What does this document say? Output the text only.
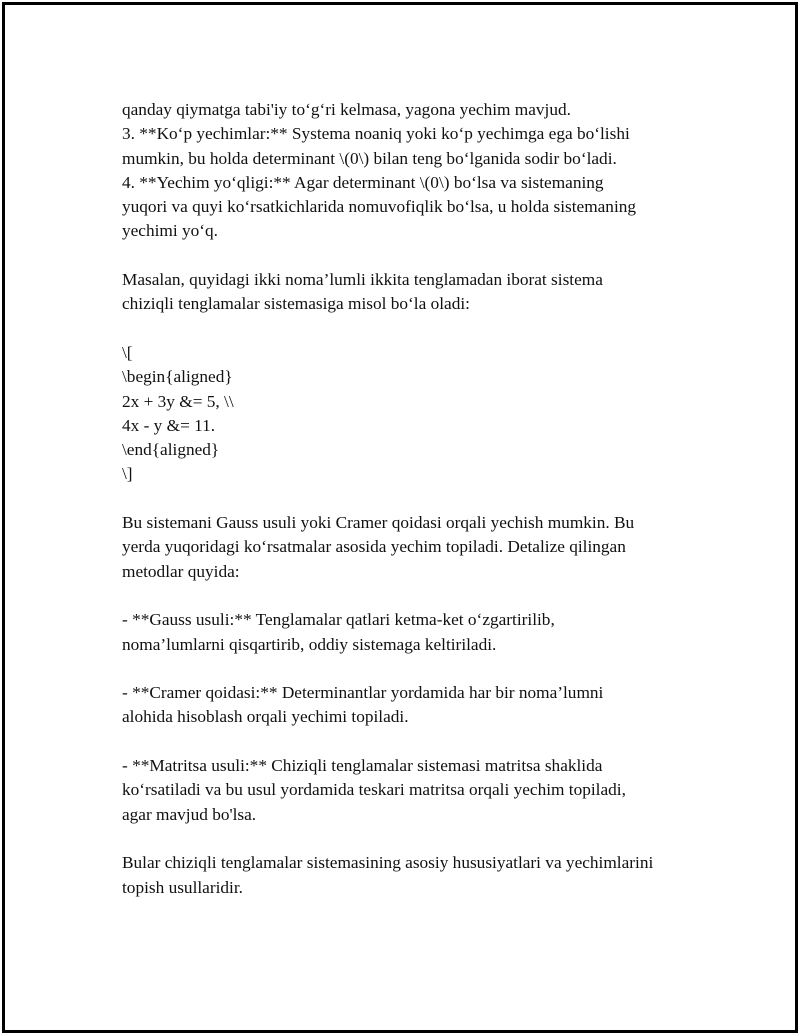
qanday qiymatga tabi'iy to‘g‘ri kelmasa, yagona yechim mavjud.

3. **Ko‘p yechimlar:** Systema noaniq yoki ko‘p yechimga ega bo‘lishi

mumkin, bu holda determinant \(0\) bilan teng bo‘lganida sodir bo‘ladi.

4. **Yechim yo‘qligi:** Agar determinant \(0\) bo‘lsa va sistemaning

yuqori va quyi ko‘rsatkichlarida nomuvofiqlik bo‘lsa, u holda sistemaning

yechimi yo‘q.

Masalan, quyidagi ikki noma’lumli ikkita tenglamadan iborat sistema

chiziqli tenglamalar sistemasiga misol bo‘la oladi:

\[

\begin{aligned}

2x + 3y &= 5, \\

4x - y &= 11.

\end{aligned}

\]

Bu sistemani Gauss usuli yoki Cramer qoidasi orqali yechish mumkin. Bu

yerda yuqoridagi ko‘rsatmalar asosida yechim topiladi. Detalize qilingan

metodlar quyida:

- **Gauss usuli:** Tenglamalar qatlari ketma-ket o‘zgartirilib,

noma’lumlarni qisqartirib, oddiy sistemaga keltiriladi.

- **Cramer qoidasi:** Determinantlar yordamida har bir noma’lumni

alohida hisoblash orqali yechimi topiladi.

- **Matritsa usuli:** Chiziqli tenglamalar sistemasi matritsa shaklida

ko‘rsatiladi va bu usul yordamida teskari matritsa orqali yechim topiladi,

agar mavjud bo'lsa.

Bular chiziqli tenglamalar sistemasining asosiy hususiyatlari va yechimlarini

topish usullaridir.
